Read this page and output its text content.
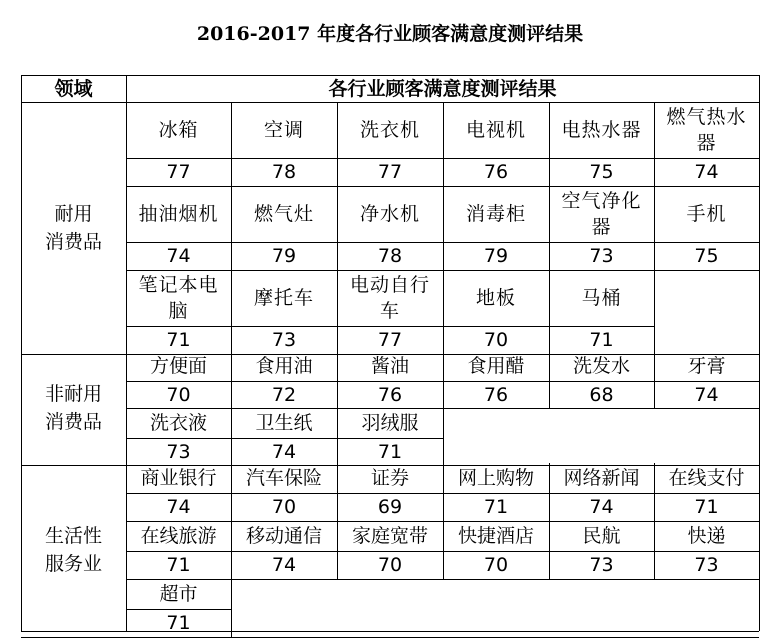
2016-2017 年度各行业顾客满意度测评结果
领域	各行业顾客满意度测评结果
耐用
消费品
冰箱
77
空调
78
洗衣机
77
电视机
76
电热水器
75
燃气热水器
74
抽油烟机
74
燃气灶
79
净水机
78
消毒柜
79
空气净化器
73
手机
75
笔记本电脑
71
摩托车
73
电动自行车
77
地板
70
马桶
71
非耐用
消费品
方便面
70
食用油
72
酱油
76
食用醋
76
洗发水
68
牙膏
74
洗衣液
73
卫生纸
74
羽绒服
71
生活性
服务业
商业银行
74
汽车保险
70
证券
69
网上购物
71
网络新闻
74
在线支付
71
在线旅游
71
移动通信
74
家庭宽带
70
快捷酒店
70
民航
73
快递
73
超市
71
